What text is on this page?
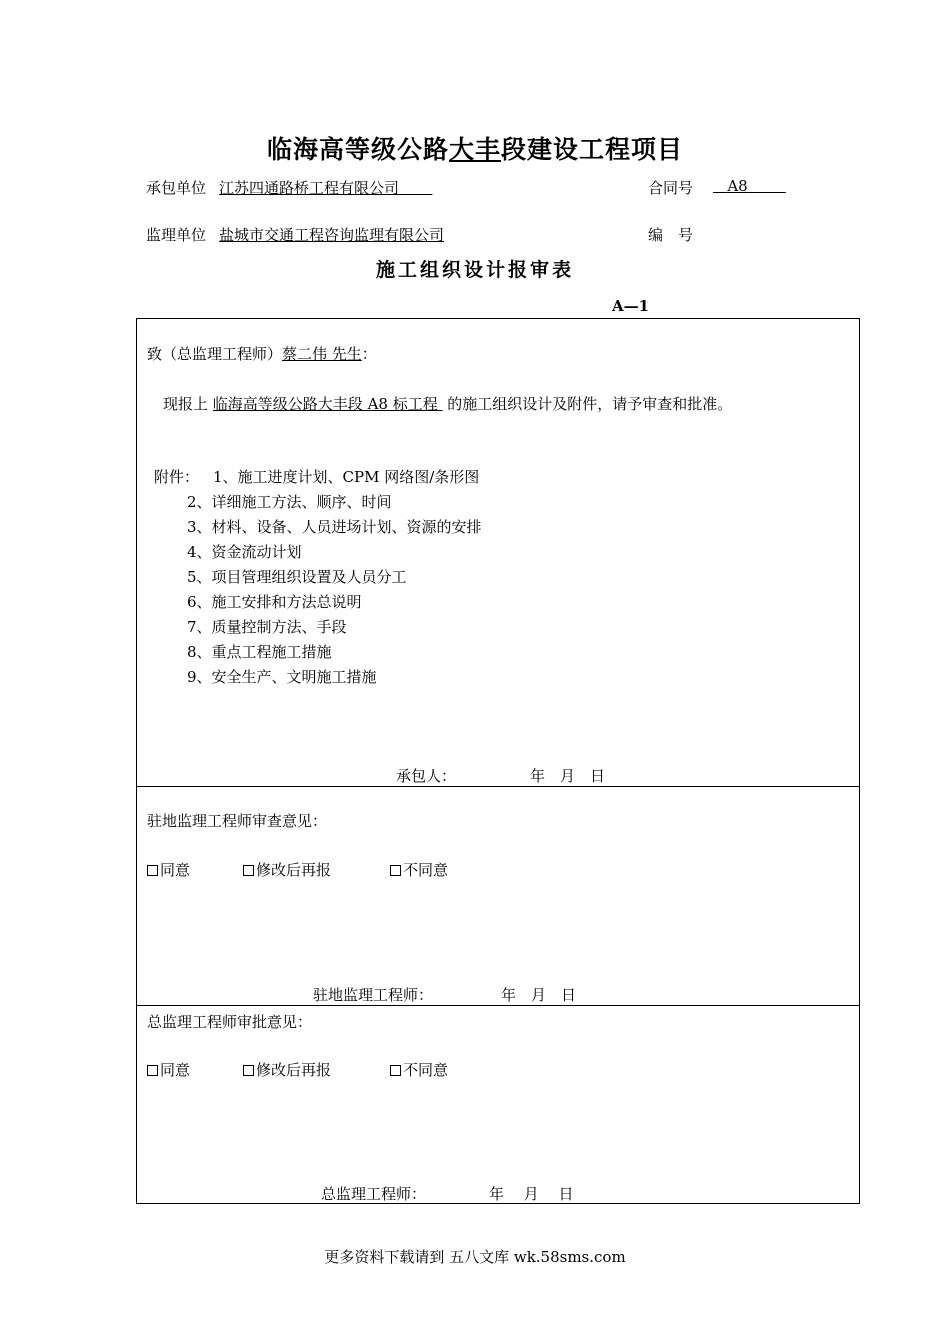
临海高等级公路大丰段建设工程项目
承包单位 江苏四通路桥工程有限公司	合同号	A8
监理单位 盐城市交通工程咨询监理有限公司	编　号
施工组织设计报审表
A—1
致（总监理工程师）蔡二伟 先生：
现报上 临海高等级公路大丰段 A8 标工程 的施工组织设计及附件，请予审查和批准。
附件： 1、施工进度计划、CPM 网络图/条形图
2、详细施工方法、顺序、时间
3、材料、设备、人员进场计划、资源的安排
4、资金流动计划
5、项目管理组织设置及人员分工
6、施工安排和方法总说明
7、质量控制方法、手段
8、重点工程施工措施
9、安全生产、文明施工措施
承包人：	年　月　日
驻地监理工程师审查意见：
同意	修改后再报	不同意
驻地监理工程师：	年　月　日
总监理工程师审批意见：
同意	修改后再报	不同意
总监理工程师：	年　 月　 日
更多资料下载请到 五八文库 wk.58sms.com
